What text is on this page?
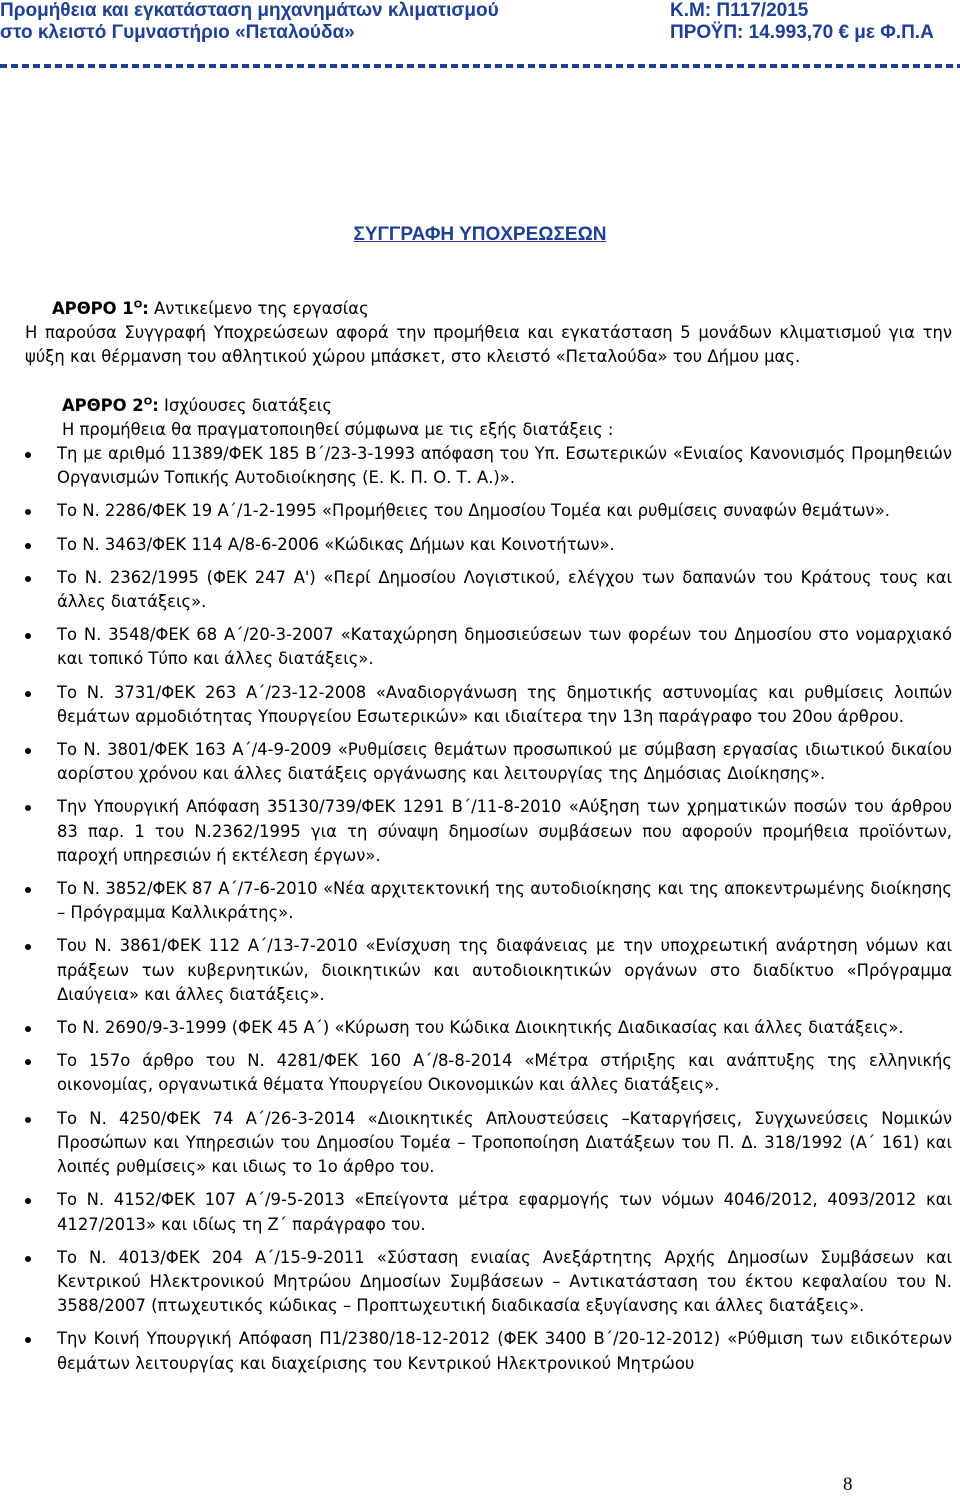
Προμήθεια και εγκατάσταση μηχανημάτων κλιματισμού	Κ.Μ: Π117/2015
στο κλειστό Γυμναστήριο «Πεταλούδα»	ΠΡΟΫΠ: 14.993,70 € με Φ.Π.Α
ΣΥΓΓΡΑΦΗ ΥΠΟΧΡΕΩΣΕΩΝ
ΑΡΘΡΟ $1^O$: Αντικείμενο της εργασίας

Η παρούσα Συγγραφή Υποχρεώσεων αφορά την προμήθεια και εγκατάσταση 5 μονάδων κλιματισμού για την ψύξη και θέρμανση του αθλητικού χώρου μπάσκετ, στο κλειστό «Πεταλούδα» του Δήμου μας.

ΑΡΘΡΟ $2^O$: Ισχύουσες διατάξεις
Η προμήθεια θα πραγματοποιηθεί σύμφωνα με τις εξής διατάξεις :
Τη με αριθμό 11389/ΦΕΚ 185 Β΄/23-3-1993 απόφαση του Υπ. Εσωτερικών «Ενιαίος Κανονισμός Προμηθειών Οργανισμών Τοπικής Αυτοδιοίκησης (Ε. Κ. Π. Ο. Τ. Α.)».
Το Ν. 2286/ΦΕΚ 19 Α΄/1-2-1995 «Προμήθειες του Δημοσίου Τομέα και ρυθμίσεις συναφών θεμάτων».
Το Ν. 3463/ΦΕΚ 114 Α/8-6-2006 «Κώδικας Δήμων και Κοινοτήτων».
Το Ν. 2362/1995 (ΦΕΚ 247 Α') «Περί Δημοσίου Λογιστικού, ελέγχου των δαπανών του Κράτους τους και άλλες διατάξεις».
Το Ν. 3548/ΦΕΚ 68 Α΄/20-3-2007 «Καταχώρηση δημοσιεύσεων των φορέων του Δημοσίου στο νομαρχιακό και τοπικό Τύπο και άλλες διατάξεις».
Το Ν. 3731/ΦΕΚ 263 Α΄/23-12-2008 «Αναδιοργάνωση της δημοτικής αστυνομίας και ρυθμίσεις λοιπών θεμάτων αρμοδιότητας Υπουργείου Εσωτερικών» και ιδιαίτερα την 13η παράγραφο του 20ου άρθρου.
Το Ν. 3801/ΦΕΚ 163 Α΄/4-9-2009 «Ρυθμίσεις θεμάτων προσωπικού με σύμβαση εργασίας ιδιωτικού δικαίου αορίστου χρόνου και άλλες διατάξεις οργάνωσης και λειτουργίας της Δημόσιας Διοίκησης».
Την Υπουργική Απόφαση 35130/739/ΦΕΚ 1291 Β΄/11-8-2010 «Αύξηση των χρηματικών ποσών του άρθρου 83 παρ. 1 του Ν.2362/1995 για τη σύναψη δημοσίων συμβάσεων που αφορούν προμήθεια προϊόντων, παροχή υπηρεσιών ή εκτέλεση έργων».
Το Ν. 3852/ΦΕΚ 87 Α΄/7-6-2010 «Νέα αρχιτεκτονική της αυτοδιοίκησης και της αποκεντρωμένης διοίκησης – Πρόγραμμα Καλλικράτης».
Του Ν. 3861/ΦΕΚ 112 Α΄/13-7-2010 «Ενίσχυση της διαφάνειας με την υποχρεωτική ανάρτηση νόμων και πράξεων των κυβερνητικών, διοικητικών και αυτοδιοικητικών οργάνων στο διαδίκτυο «Πρόγραμμα Διαύγεια» και άλλες διατάξεις».
Το Ν. 2690/9-3-1999 (ΦΕΚ 45 Α΄) «Κύρωση του Κώδικα Διοικητικής Διαδικασίας και άλλες διατάξεις».
Το 157ο άρθρο του Ν. 4281/ΦΕΚ 160 Α΄/8-8-2014 «Μέτρα στήριξης και ανάπτυξης της ελληνικής οικονομίας, οργανωτικά θέματα Υπουργείου Οικονομικών και άλλες διατάξεις».
Το Ν. 4250/ΦΕΚ 74 Α΄/26-3-2014 «Διοικητικές Απλουστεύσεις –Καταργήσεις, Συγχωνεύσεις Νομικών Προσώπων και Υπηρεσιών του Δημοσίου Τομέα – Τροποποίηση Διατάξεων του Π. Δ. 318/1992 (Α΄ 161) και λοιπές ρυθμίσεις» και ιδιως το 1ο άρθρο του.
Το Ν. 4152/ΦΕΚ 107 Α΄/9-5-2013 «Επείγοντα μέτρα εφαρμογής των νόμων 4046/2012, 4093/2012 και 4127/2013» και ιδίως τη Ζ΄ παράγραφο του.
Το Ν. 4013/ΦΕΚ 204 Α΄/15-9-2011 «Σύσταση ενιαίας Ανεξάρτητης Αρχής Δημοσίων Συμβάσεων και Κεντρικού Ηλεκτρονικού Μητρώου Δημοσίων Συμβάσεων – Αντικατάσταση του έκτου κεφαλαίου του Ν. 3588/2007 (πτωχευτικός κώδικας – Προπτωχευτική διαδικασία εξυγίανσης και άλλες διατάξεις».
Την Κοινή Υπουργική Απόφαση Π1/2380/18-12-2012 (ΦΕΚ 3400 Β΄/20-12-2012) «Ρύθμιση των ειδικότερων θεμάτων λειτουργίας και διαχείρισης του Κεντρικού Ηλεκτρονικού Μητρώου
8
